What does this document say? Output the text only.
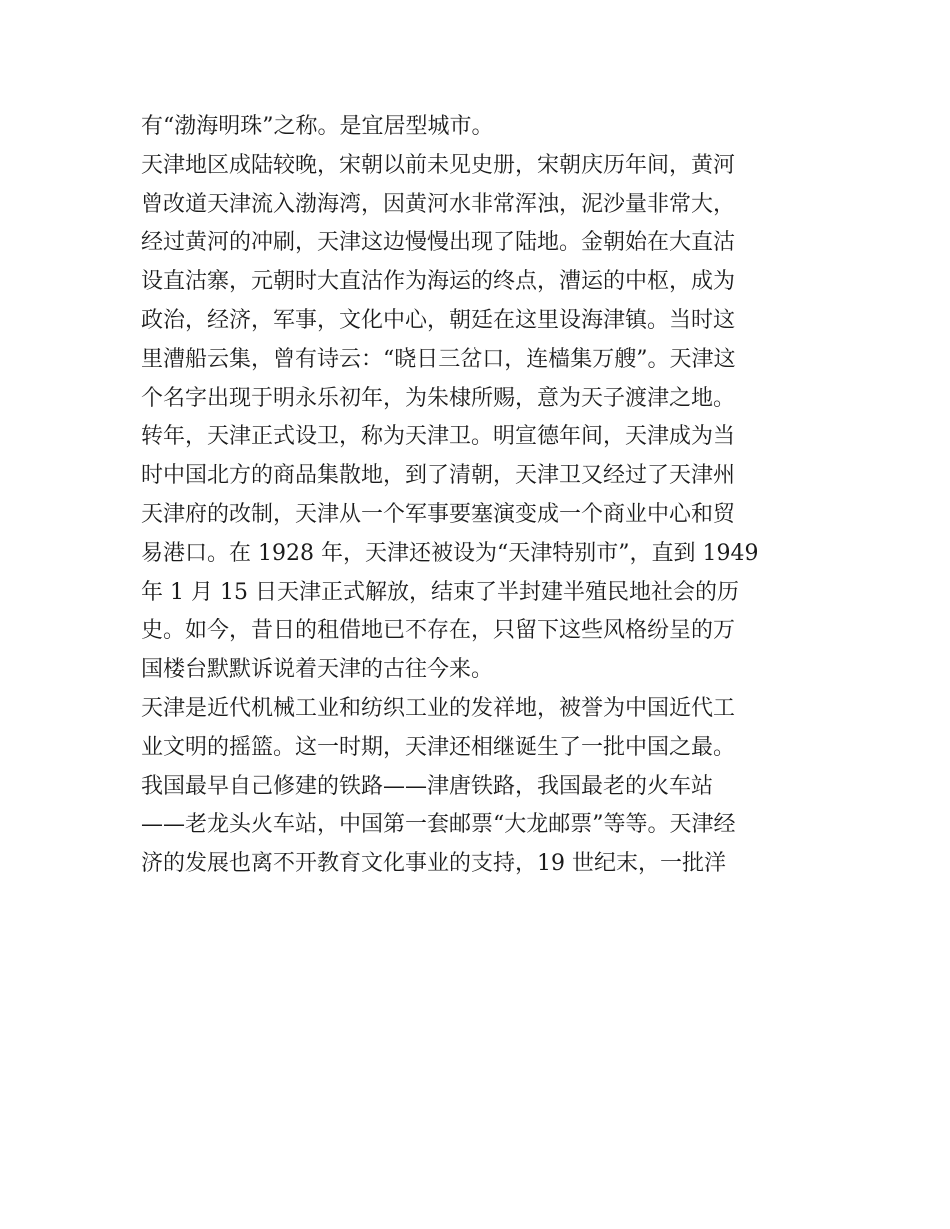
有“渤海明珠”之称。是宜居型城市。
天津地区成陆较晚，宋朝以前未见史册，宋朝庆历年间，黄河
曾改道天津流入渤海湾，因黄河水非常浑浊，泥沙量非常大，
经过黄河的冲刷，天津这边慢慢出现了陆地。金朝始在大直沽
设直沽寨，元朝时大直沽作为海运的终点，漕运的中枢，成为
政治，经济，军事，文化中心，朝廷在这里设海津镇。当时这
里漕船云集，曾有诗云：“晓日三岔口，连樯集万艘”。天津这
个名字出现于明永乐初年，为朱棣所赐，意为天子渡津之地。
转年，天津正式设卫，称为天津卫。明宣德年间，天津成为当
时中国北方的商品集散地，到了清朝，天津卫又经过了天津州
天津府的改制，天津从一个军事要塞演变成一个商业中心和贸
易港口。在 1928 年，天津还被设为“天津特别市”，直到 1949
年 1 月 15 日天津正式解放，结束了半封建半殖民地社会的历
史。如今，昔日的租借地已不存在，只留下这些风格纷呈的万
国楼台默默诉说着天津的古往今来。
天津是近代机械工业和纺织工业的发祥地，被誉为中国近代工
业文明的摇篮。这一时期，天津还相继诞生了一批中国之最。
我国最早自己修建的铁路——津唐铁路，我国最老的火车站
——老龙头火车站，中国第一套邮票“大龙邮票”等等。天津经
济的发展也离不开教育文化事业的支持，19 世纪末，一批洋
